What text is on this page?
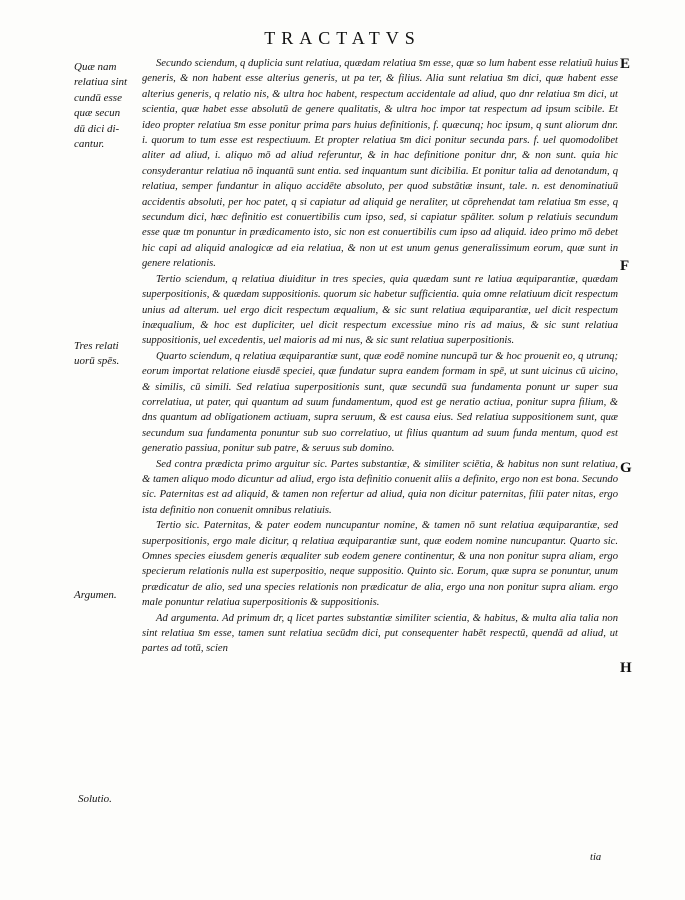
TRACTATVS
Quæ nam
relatiua sint
cundū esse
quæ secun
dū dici di-
cantur.
Tres relati
uorū spēs.
Argumen.
Solutio.
E
F
G
H

Secundo sciendum, q duplicia sunt relatiua, quædam relatiua s̄m esse, quæ so lum habent esse relatiuū huius generis, & non habent esse alterius generis, ut pa ter, & filius. Alia sunt relatiua s̄m dici, quæ habent esse alterius generis, q relatio nis, & ultra hoc habent, respectum accidentale ad aliud, quo dnr relatiua s̄m dici, ut scientia, quæ habet esse absolutū de genere qualitatis, & ultra hoc impor tat respectum ad ipsum scibile. Et ideo propter relatiua s̄m esse ponitur prima pars huius definitionis, f. quæcunq; hoc ipsum, q sunt aliorum dnr. i. quorum to tum esse est respectiuum. Et propter relatiua s̄m dici ponitur secunda pars. f. uel quomodolibet aliter ad aliud, i. aliquo mō ad aliud referuntur, & in hac definitione ponitur dnr, & non sunt. quia hic consyderantur relatiua nō inquantū sunt entia. sed inquantum sunt dicibilia. Et ponitur talia ad denotandum, q relatiua, semper fundantur in aliquo accidēte absoluto, per quod substātiæ insunt, tale. n. est denominatiuū accidentis absoluti, per hoc patet, q si capiatur ad aliquid ge neraliter, ut cōprehendat tam relatiua s̄m esse, q secundum dici, hæc definitio est conuertibilis cum ipso, sed, si capiatur spāliter. solum p relatiuis secundum esse quæ tm ponuntur in prædicamento isto, sic non est conuertibilis cum ipso ad aliquid. ideo primo mō debet hic capi ad aliquid analogicæ ad eia relatiua, & non ut est unum genus generalissimum eorum, quæ sunt in genere relationis.

Tertio sciendum, q relatiua diuiditur in tres species, quia quædam sunt re latiua æquiparantiæ, quædam superpositionis, & quædam suppositionis. quorum sic habetur sufficientia. quia omne relatiuum dicit respectum unius ad alterum. uel ergo dicit respectum æqualium, & sic sunt relatiua æquiparantiæ, uel dicit respectum inæqualium, & hoc est dupliciter, uel dicit respectum excessiue mino ris ad maius, & sic sunt relatiua suppositionis, uel excedentis, uel maioris ad mi nus, & sic sunt relatiua superpositionis.

Quarto sciendum, q relatiua æquiparantiæ sunt, quæ eodē nomine nuncupā tur & hoc prouenit eo, q utrunq; eorum importat relatione eiusdē speciei, quæ fundatur supra eandem formam in spē, ut sunt uicinus cū uicino, & similis, cū simili. Sed relatiua superpositionis sunt, quæ secundū sua fundamenta ponunt ur super sua correlatiua, ut pater, qui quantum ad suum fundamentum, quod est ge neratio actiua, ponitur supra filium, & dns quantum ad obligationem actiuam, supra seruum, & est causa eius. Sed relatiua suppositionem sunt, quæ secundum sua fundamenta ponuntur sub suo correlatiuo, ut filius quantum ad suum funda mentum, quod est generatio passiua, ponitur sub patre, & seruus sub domino.

Sed contra prædicta primo arguitur sic. Partes substantiæ, & similiter sciētia, & habitus non sunt relatiua, & tamen aliquo modo dicuntur ad aliud, ergo ista definitio conuenit aliis a definito, ergo non est bona. Secundo sic. Paternitas est ad aliquid, & tamen non refertur ad aliud, quia non dicitur paternitas, filii pater nitas, ergo ista definitio non conuenit omnibus relatiuis.

Tertio sic. Paternitas, & pater eodem nuncupantur nomine, & tamen nō sunt relatiua æquiparantiæ, sed superpositionis, ergo male dicitur, q relatiua æquiparantiæ sunt, quæ eodem nomine nuncupantur. Quarto sic. Omnes species eiusdem generis æqualiter sub eodem genere continentur, & una non ponitur supra aliam, ergo specierum relationis nulla est superpositio, neque suppositio. Quinto sic. Eorum, quæ supra se ponuntur, unum prædicatur de alio, sed una species relationis non prædicatur de alia, ergo una non ponitur supra aliam. ergo male ponuntur relatiua superpositionis & suppositionis.

Ad argumenta. Ad primum dr, q licet partes substantiæ similiter scientia, & habitus, & multa alia talia non sint relatiua s̄m esse, tamen sunt relatiua secūdm dici, put consequenter habēt respectū, quendā ad aliud, ut partes ad totū, scien

tia
